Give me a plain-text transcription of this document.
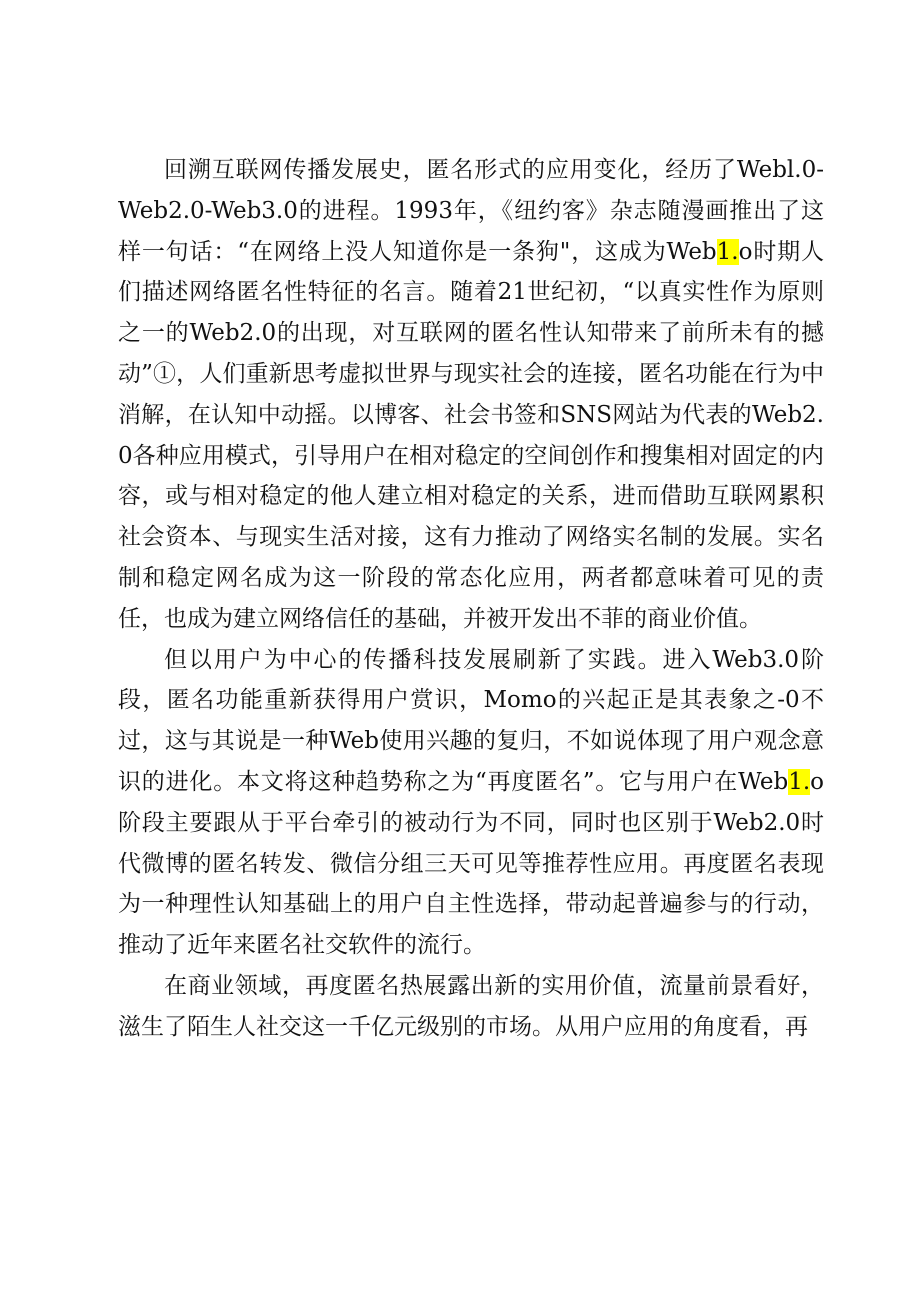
回溯互联网传播发展史，匿名形式的应用变化，经历了Webl.0-Web2.0-Web3.0的进程。1993年，《纽约客》杂志随漫画推出了这样一句话：“在网络上没人知道你是一条狗"，这成为Web1.o时期人们描述网络匿名性特征的名言。随着21世纪初，“以真实性作为原则之一的Web2.0的出现，对互联网的匿名性认知带来了前所未有的撼动”①，人们重新思考虚拟世界与现实社会的连接，匿名功能在行为中消解，在认知中动摇。以博客、社会书签和SNS网站为代表的Web2.0各种应用模式，引导用户在相对稳定的空间创作和搜集相对固定的内容，或与相对稳定的他人建立相对稳定的关系，进而借助互联网累积社会资本、与现实生活对接，这有力推动了网络实名制的发展。实名制和稳定网名成为这一阶段的常态化应用，两者都意味着可见的责任，也成为建立网络信任的基础，并被开发出不菲的商业价值。

但以用户为中心的传播科技发展刷新了实践。进入Web3.0阶段，匿名功能重新获得用户赏识，Momo的兴起正是其表象之-0不过，这与其说是一种Web使用兴趣的复归，不如说体现了用户观念意识的进化。本文将这种趋势称之为“再度匿名”。它与用户在Web1.o阶段主要跟从于平台牵引的被动行为不同，同时也区别于Web2.0时代微博的匿名转发、微信分组三天可见等推荐性应用。再度匿名表现为一种理性认知基础上的用户自主性选择，带动起普遍参与的行动，推动了近年来匿名社交软件的流行。

在商业领域，再度匿名热展露出新的实用价值，流量前景看好，滋生了陌生人社交这一千亿元级别的市场。从用户应用的角度看，再
